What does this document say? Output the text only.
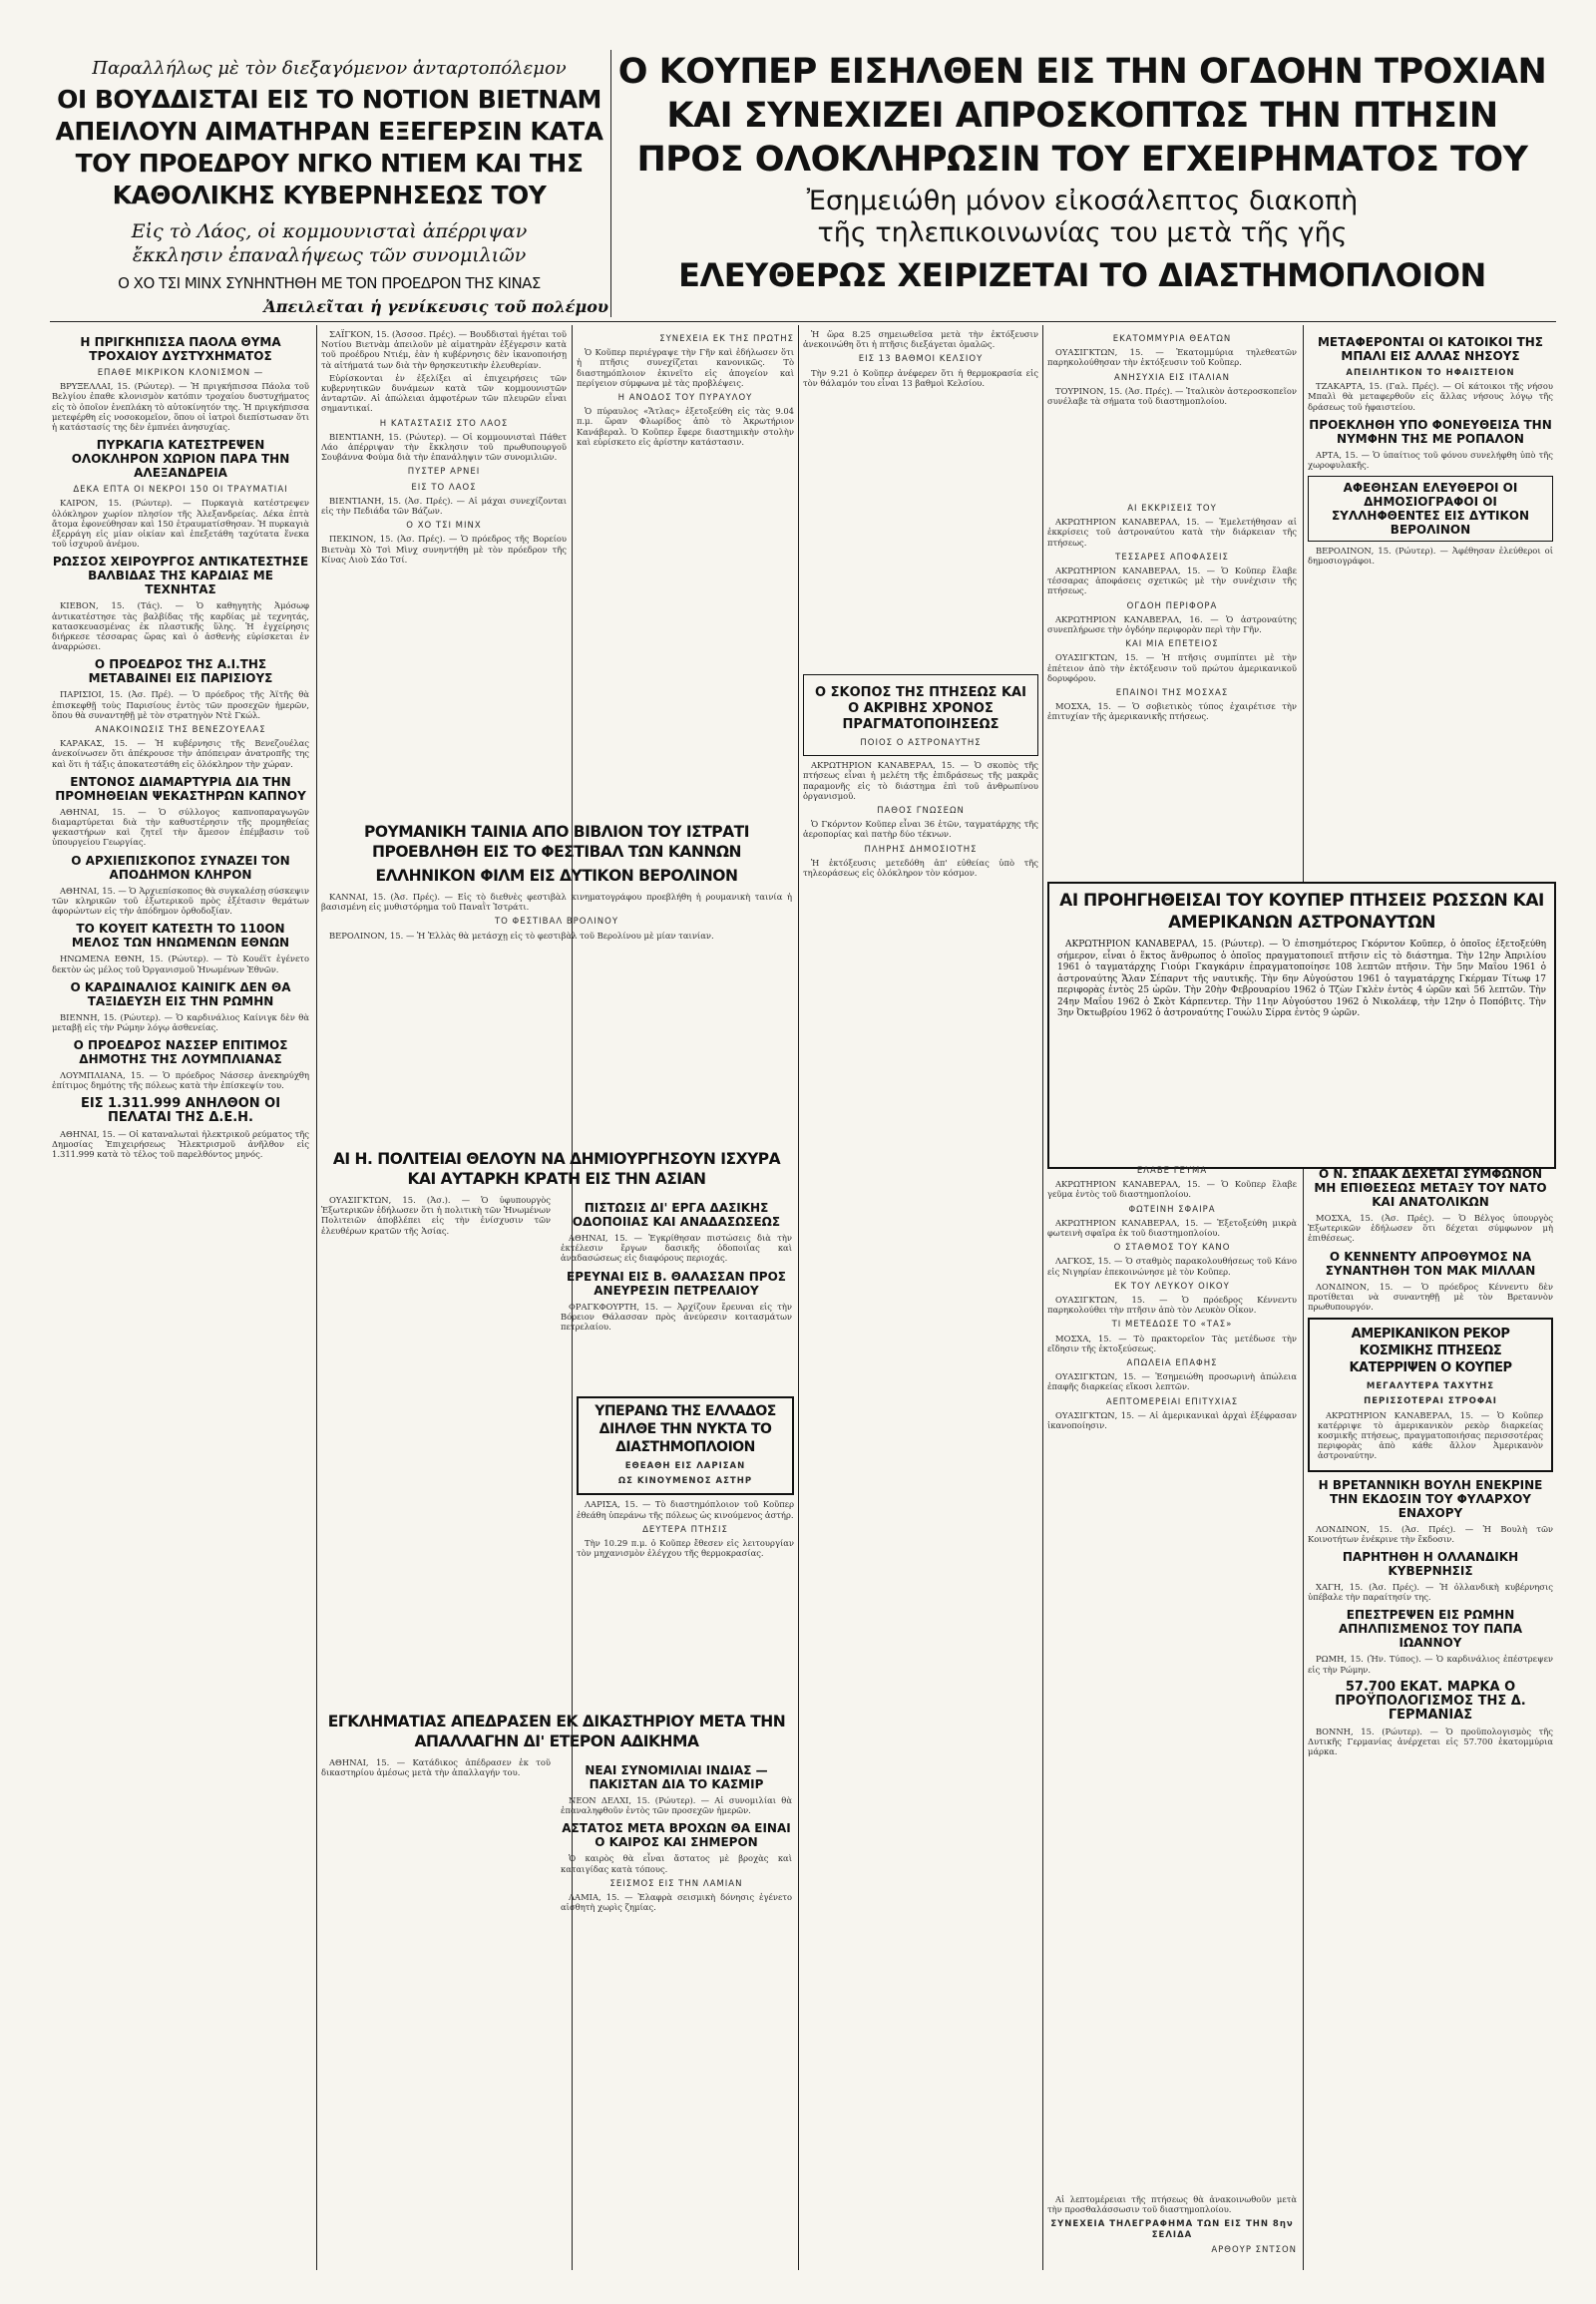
Παραλλήλως μὲ τὸν διεξαγόμενον ἀνταρτοπόλεμον
ΟΙ ΒΟΥΔΔΙΣΤΑΙ ΕΙΣ ΤΟ ΝΟΤΙΟΝ ΒΙΕΤΝΑΜ ΑΠΕΙΛΟΥΝ ΑΙΜΑΤΗΡΑΝ ΕΞΕΓΕΡΣΙΝ ΚΑΤΑ ΤΟΥ ΠΡΟΕΔΡΟΥ ΝΓΚΟ ΝΤΙΕΜ ΚΑΙ ΤΗΣ ΚΑΘΟΛΙΚΗΣ ΚΥΒΕΡΝΗΣΕΩΣ ΤΟΥ
Εἰς τὸ Λάος, οἱ κομμουνισταὶ ἀπέρριψαν ἔκκλησιν ἐπαναλήψεως τῶν συνομιλιῶν
Ο ΧΟ ΤΣΙ ΜΙΝΧ ΣΥΝΗΝΤΗΘΗ ΜΕ ΤΟΝ ΠΡΟΕΔΡΟΝ ΤΗΣ ΚΙΝΑΣ
Ἀπειλεῖται ἡ γενίκευσις τοῦ πολέμου
Ο ΚΟΥΠΕΡ ΕΙΣΗΛΘΕΝ ΕΙΣ ΤΗΝ ΟΓΔΟΗΝ ΤΡΟΧΙΑΝ ΚΑΙ ΣΥΝΕΧΙΖΕΙ ΑΠΡΟΣΚΟΠΤΩΣ ΤΗΝ ΠΤΗΣΙΝ ΠΡΟΣ ΟΛΟΚΛΗΡΩΣΙΝ ΤΟΥ ΕΓΧΕΙΡΗΜΑΤΟΣ ΤΟΥ
Ἐσημειώθη μόνον εἰκοσάλεπτος διακοπὴ
τῆς τηλεπικοινωνίας του μετὰ τῆς γῆς
ΕΛΕΥΘΕΡΩΣ ΧΕΙΡΙΖΕΤΑΙ ΤΟ ΔΙΑΣΤΗΜΟΠΛΟΙΟΝ
Η ΠΡΙΓΚΗΠΙΣΣΑ ΠΑΟΛΑ ΘΥΜΑ ΤΡΟΧΑΙΟΥ ΔΥΣΤΥΧΗΜΑΤΟΣ
ΕΠΑΘΕ ΜΙΚΡΙΚΟΝ ΚΛΟΝΙΣΜΟΝ —

ΒΡΥΞΕΛΛΑΙ, 15. (Ρώυτερ). — Ἡ πριγκήπισσα Πάολα τοῦ Βελγίου ἐπαθε κλονισμὸν κατόπιν τροχαίου δυστυχήματος εἰς τὸ ὁποῖον ἐνεπλάκη τὸ αὐτοκίνητόν της. Ἡ πριγκήπισσα μετεφέρθη εἰς νοσοκομεῖον, ὅπου οἱ ἰατροὶ διεπίστωσαν ὅτι ἡ κατάστασίς της δὲν ἐμπνέει ἀνησυχίας.

ΠΥΡΚΑΓΙΑ ΚΑΤΕΣΤΡΕΨΕΝ ΟΛΟΚΛΗΡΟΝ ΧΩΡΙΟΝ ΠΑΡΑ ΤΗΝ ΑΛΕΞΑΝΔΡΕΙΑ
ΔΕΚΑ ΕΠΤΑ ΟΙ ΝΕΚΡΟΙ 150 ΟΙ ΤΡΑΥΜΑΤΙΑΙ

ΚΑΙΡΟΝ, 15. (Ρώυτερ). — Πυρκαγιὰ κατέστρεψεν ὁλόκληρον χωρίον πλησίον τῆς Ἀλεξανδρείας. Δέκα ἑπτὰ ἄτομα ἐφονεύθησαν καὶ 150 ἐτραυματίσθησαν. Ἡ πυρκαγιὰ ἐξερράγη εἰς μίαν οἰκίαν καὶ ἐπεξετάθη ταχύτατα ἕνεκα τοῦ ἰσχυροῦ ἀνέμου.

ΡΩΣΣΟΣ ΧΕΙΡΟΥΡΓΟΣ ΑΝΤΙΚΑΤΕΣΤΗΣΕ ΒΑΛΒΙΔΑΣ ΤΗΣ ΚΑΡΔΙΑΣ ΜΕ ΤΕΧΝΗΤΑΣ

ΚΙΕΒΟΝ, 15. (Τάς). — Ὁ καθηγητὴς Ἀμόσωφ ἀντικατέστησε τὰς βαλβίδας τῆς καρδίας μὲ τεχνητάς, κατασκευασμένας ἐκ πλαστικῆς ὕλης. Ἡ ἐγχείρησις διήρκεσε τέσσαρας ὥρας καὶ ὁ ἀσθενὴς εὑρίσκεται ἐν ἀναρρώσει.

Ο ΠΡΟΕΔΡΟΣ ΤΗΣ Α.Ι.ΤΗΣ ΜΕΤΑΒΑΙΝΕΙ ΕΙΣ ΠΑΡΙΣΙΟΥΣ

ΠΑΡΙΣΙΟΙ, 15. (Ἀσ. Πρέ). — Ὁ πρόεδρος τῆς Ἀϊτῆς θὰ ἐπισκεφθῇ τοὺς Παρισίους ἐντὸς τῶν προσεχῶν ἡμερῶν, ὅπου θὰ συναντηθῇ μὲ τὸν στρατηγὸν Ντὲ Γκώλ.

ΑΝΑΚΟΙΝΩΣΙΣ ΤΗΣ ΒΕΝΕΖΟΥΕΛΑΣ

ΚΑΡΑΚΑΣ, 15. — Ἡ κυβέρνησις τῆς Βενεζουέλας ἀνεκοίνωσεν ὅτι ἀπέκρουσε τὴν ἀπόπειραν ἀνατροπῆς της καὶ ὅτι ἡ τάξις ἀποκατεστάθη εἰς ὁλόκληρον τὴν χώραν.

ΕΝΤΟΝΟΣ ΔΙΑΜΑΡΤΥΡΙΑ ΔΙΑ ΤΗΝ ΠΡΟΜΗΘΕΙΑΝ ΨΕΚΑΣΤΗΡΩΝ ΚΑΠΝΟΥ

ΑΘΗΝΑΙ, 15. — Ὁ σύλλογος καπνοπαραγωγῶν διαμαρτύρεται διὰ τὴν καθυστέρησιν τῆς προμηθείας ψεκαστήρων καὶ ζητεῖ τὴν ἄμεσον ἐπέμβασιν τοῦ ὑπουργείου Γεωργίας.

Ο ΑΡΧΙΕΠΙΣΚΟΠΟΣ ΣΥΝΑΖΕΙ ΤΟΝ ΑΠΟΔΗΜΟΝ ΚΛΗΡΟΝ

ΑΘΗΝΑΙ, 15. — Ὁ Ἀρχιεπίσκοπος θὰ συγκαλέσῃ σύσκεψιν τῶν κληρικῶν τοῦ ἐξωτερικοῦ πρὸς ἐξέτασιν θεμάτων ἀφορώντων εἰς τὴν ἀπόδημον ὀρθοδοξίαν.

ΤΟ ΚΟΥΕΙΤ ΚΑΤΕΣΤΗ ΤΟ 110ΟΝ ΜΕΛΟΣ ΤΩΝ ΗΝΩΜΕΝΩΝ ΕΘΝΩΝ

ΗΝΩΜΕΝΑ ΕΘΝΗ, 15. (Ρώυτερ). — Τὸ Κουέϊτ ἐγένετο δεκτὸν ὡς μέλος τοῦ Ὀργανισμοῦ Ἡνωμένων Ἐθνῶν.

Ο ΚΑΡΔΙΝΑΛΙΟΣ ΚΑΙΝΙΓΚ ΔΕΝ ΘΑ ΤΑΞΙΔΕΥΣΗ ΕΙΣ ΤΗΝ ΡΩΜΗΝ

ΒΙΕΝΝΗ, 15. (Ρώυτερ). — Ὁ καρδινάλιος Καίνιγκ δὲν θὰ μεταβῇ εἰς τὴν Ρώμην λόγῳ ἀσθενείας.

Ο ΠΡΟΕΔΡΟΣ ΝΑΣΣΕΡ ΕΠΙΤΙΜΟΣ ΔΗΜΟΤΗΣ ΤΗΣ ΛΟΥΜΠΛΙΑΝΑΣ

ΛΟΥΜΠΛΙΑΝΑ, 15. — Ὁ πρόεδρος Νάσσερ ἀνεκηρύχθη ἐπίτιμος δημότης τῆς πόλεως κατὰ τὴν ἐπίσκεψίν του.

ΕΙΣ 1.311.999 ΑΝΗΛΘΟΝ ΟΙ ΠΕΛΑΤΑΙ ΤΗΣ Δ.Ε.Η.

ΑΘΗΝΑΙ, 15. — Οἱ καταναλωταὶ ἠλεκτρικοῦ ρεύματος τῆς Δημοσίας Ἐπιχειρήσεως Ἠλεκτρισμοῦ ἀνῆλθον εἰς 1.311.999 κατὰ τὸ τέλος τοῦ παρελθόντος μηνός.

ΣΑΪΓΚΟΝ, 15. (Ἀσσοσ. Πρές). — Βουδδισταὶ ἡγέται τοῦ Νοτίου Βιετνὰμ ἀπειλοῦν μὲ αἱματηρὰν ἐξέγερσιν κατὰ τοῦ προέδρου Ντιέμ, ἐὰν ἡ κυβέρνησις δὲν ἱκανοποιήσῃ τὰ αἰτήματά των διὰ τὴν θρησκευτικὴν ἐλευθερίαν.

Εὐρίσκονται ἐν ἐξελίξει αἱ ἐπιχειρήσεις τῶν κυβερνητικῶν δυνάμεων κατὰ τῶν κομμουνιστῶν ἀνταρτῶν. Αἱ ἀπώλειαι ἀμφοτέρων τῶν πλευρῶν εἶναι σημαντικαί.

Η ΚΑΤΑΣΤΑΣΙΣ ΣΤΟ ΛΑΟΣ

ΒΙΕΝΤΙΑΝΗ, 15. (Ρώυτερ). — Οἱ κομμουνισταὶ Πάθετ Λάο ἀπέρριψαν τὴν ἔκκλησιν τοῦ πρωθυπουργοῦ Σουβάννα Φούμα διὰ τὴν ἐπανάληψιν τῶν συνομιλιῶν.

ΠΥΣΤΕΡ ΑΡΝΕΙ
ΕΙΣ ΤΟ ΛΑΟΣ

ΒΙΕΝΤΙΑΝΗ, 15. (Ἀσ. Πρές). — Αἱ μάχαι συνεχίζονται εἰς τὴν Πεδιάδα τῶν Βάζων.

Ο ΧΟ ΤΣΙ ΜΙΝΧ

ΠΕΚΙΝΟΝ, 15. (Ἀσ. Πρές). — Ὁ πρόεδρος τῆς Βορείου Βιετνὰμ Χὸ Τσὶ Μὶνχ συνηντήθη μὲ τὸν πρόεδρον τῆς Κίνας Λιοὺ Σάο Τσί.

ΡΟΥΜΑΝΙΚΗ ΤΑΙΝΙΑ ΑΠΟ ΒΙΒΛΙΟΝ ΤΟΥ ΙΣΤΡΑΤΙ ΠΡΟΕΒΛΗΘΗ ΕΙΣ ΤΟ ΦΕΣΤΙΒΑΛ ΤΩΝ ΚΑΝΝΩΝ
ΕΛΛΗΝΙΚΟΝ ΦΙΛΜ ΕΙΣ ΔΥΤΙΚΟΝ ΒΕΡΟΛΙΝΟΝ

ΚΑΝΝΑΙ, 15. (Ἀσ. Πρές). — Εἰς τὸ διεθνὲς φεστιβὰλ κινηματογράφου προεβλήθη ἡ ρουμανικὴ ταινία ἡ βασισμένη εἰς μυθιστόρημα τοῦ Παναῒτ Ἰστράτι.

ΤΟ ΦΕΣΤΙΒΑΛ ΒΡΟΛΙΝΟΥ

ΒΕΡΟΛΙΝΟΝ, 15. — Ἡ Ἑλλὰς θὰ μετάσχῃ εἰς τὸ φεστιβὰλ τοῦ Βερολίνου μὲ μίαν ταινίαν.

ΑΙ Η. ΠΟΛΙΤΕΙΑΙ ΘΕΛΟΥΝ ΝΑ ΔΗΜΙΟΥΡΓΗΣΟΥΝ ΙΣΧΥΡΑ ΚΑΙ ΑΥΤΑΡΚΗ ΚΡΑΤΗ ΕΙΣ ΤΗΝ ΑΣΙΑΝ

ΟΥΑΣΙΓΚΤΩΝ, 15. (Ἀσ.). — Ὁ ὑφυπουργὸς Ἐξωτερικῶν ἐδήλωσεν ὅτι ἡ πολιτικὴ τῶν Ἡνωμένων Πολιτειῶν ἀποβλέπει εἰς τὴν ἐνίσχυσιν τῶν ἐλευθέρων κρατῶν τῆς Ἀσίας.

ΠΙΣΤΩΣΙΣ ΔΙ' ΕΡΓΑ ΔΑΣΙΚΗΣ ΟΔΟΠΟΙΙΑΣ ΚΑΙ ΑΝΑΔΑΣΩΣΕΩΣ

ΑΘΗΝΑΙ, 15. — Ἐγκρίθησαν πιστώσεις διὰ τὴν ἐκτέλεσιν ἔργων δασικῆς ὁδοποιΐας καὶ ἀναδασώσεως εἰς διαφόρους περιοχάς.

ΕΡΕΥΝΑΙ ΕΙΣ Β. ΘΑΛΑΣΣΑΝ ΠΡΟΣ ΑΝΕΥΡΕΣΙΝ ΠΕΤΡΕΛΑΙΟΥ

ΦΡΑΓΚΦΟΥΡΤΗ, 15. — Ἀρχίζουν ἔρευναι εἰς τὴν Βόρειον Θάλασσαν πρὸς ἀνεύρεσιν κοιτασμάτων πετρελαίου.

ΕΓΚΛΗΜΑΤΙΑΣ ΑΠΕΔΡΑΣΕΝ ΕΚ ΔΙΚΑΣΤΗΡΙΟΥ ΜΕΤΑ ΤΗΝ ΑΠΑΛΛΑΓΗΝ ΔΙ' ΕΤΕΡΟΝ ΑΔΙΚΗΜΑ

ΑΘΗΝΑΙ, 15. — Κατάδικος ἀπέδρασεν ἐκ τοῦ δικαστηρίου ἀμέσως μετὰ τὴν ἀπαλλαγήν του.	ΝΕΑΙ ΣΥΝΟΜΙΛΙΑΙ ΙΝΔΙΑΣ — ΠΑΚΙΣΤΑΝ ΔΙΑ ΤΟ ΚΑΣΜΙΡ

ΝΕΟΝ ΔΕΛΧΙ, 15. (Ρώυτερ). — Αἱ συνομιλίαι θὰ ἐπαναληφθοῦν ἐντὸς τῶν προσεχῶν ἡμερῶν.

ΑΣΤΑΤΟΣ ΜΕΤΑ ΒΡΟΧΩΝ ΘΑ ΕΙΝΑΙ Ο ΚΑΙΡΟΣ ΚΑΙ ΣΗΜΕΡΟΝ

Ὁ καιρὸς θὰ εἶναι ἄστατος μὲ βροχὰς καὶ καταιγίδας κατὰ τόπους.

ΣΕΙΣΜΟΣ ΕΙΣ ΤΗΝ ΛΑΜΙΑΝ

ΛΑΜΙΑ, 15. — Ἐλαφρὰ σεισμικὴ δόνησις ἐγένετο αἰσθητὴ χωρὶς ζημίας.

ΣΥΝΕΧΕΙΑ ΕΚ ΤΗΣ ΠΡΩΤΗΣ

Ὁ Κοῦπερ περιέγραψε τὴν Γῆν καὶ ἐδήλωσεν ὅτι ἡ πτῆσις συνεχίζεται κανονικῶς. Τὸ διαστημόπλοιον ἐκινεῖτο εἰς ἀπογείον καὶ περίγειον σύμφωνα μὲ τὰς προβλέψεις.

Η ΑΝΟΔΟΣ ΤΟΥ ΠΥΡΑΥΛΟΥ

Ὁ πύραυλος «Ἄτλας» ἐξετοξεύθη εἰς τὰς 9.04 π.μ. ὥραν Φλωρίδος ἀπὸ τὸ Ἀκρωτήριον Κανάβεραλ. Ὁ Κοῦπερ ἔφερε διαστημικὴν στολὴν καὶ εὑρίσκετο εἰς ἀρίστην κατάστασιν.

Ο ΣΚΟΠΟΣ ΤΗΣ ΠΤΗΣΕΩΣ ΚΑΙ Ο ΑΚΡΙΒΗΣ ΧΡΟΝΟΣ ΠΡΑΓΜΑΤΟΠΟΙΗΣΕΩΣ
ΠΟΙΟΣ Ο ΑΣΤΡΟΝΑΥΤΗΣ

ΑΚΡΩΤΗΡΙΟΝ ΚΑΝΑΒΕΡΑΛ, 15. — Ὁ σκοπὸς τῆς πτήσεως εἶναι ἡ μελέτη τῆς ἐπιδράσεως τῆς μακρᾶς παραμονῆς εἰς τὸ διάστημα ἐπὶ τοῦ ἀνθρωπίνου ὀργανισμοῦ.

ΠΑΘΟΣ ΓΝΩΣΕΩΝ

Ὁ Γκόρντον Κοῦπερ εἶναι 36 ἐτῶν, ταγματάρχης τῆς ἀεροπορίας καὶ πατὴρ δύο τέκνων.

ΠΛΗΡΗΣ ΔΗΜΟΣΙΟΤΗΣ

Ἡ ἐκτόξευσις μετεδόθη ἀπ' εὐθείας ὑπὸ τῆς τηλεοράσεως εἰς ὁλόκληρον τὸν κόσμον.

ΥΠΕΡΑΝΩ ΤΗΣ ΕΛΛΑΔΟΣ ΔΙΗΛΘΕ ΤΗΝ ΝΥΚΤΑ ΤΟ ΔΙΑΣΤΗΜΟΠΛΟΙΟΝ
ΕΘΕΑΘΗ ΕΙΣ ΛΑΡΙΣΑΝ
ΩΣ ΚΙΝΟΥΜΕΝΟΣ ΑΣΤΗΡ

ΛΑΡΙΣΑ, 15. — Τὸ διαστημόπλοιον τοῦ Κοῦπερ ἐθεάθη ὑπεράνω τῆς πόλεως ὡς κινούμενος ἀστήρ.

ΔΕΥΤΕΡΑ ΠΤΗΣΙΣ

Τὴν 10.29 π.μ. ὁ Κοῦπερ ἔθεσεν εἰς λειτουργίαν τὸν μηχανισμὸν ἐλέγχου τῆς θερμοκρασίας.

Ἡ ὥρα 8.25 σημειωθεῖσα μετὰ τὴν ἐκτόξευσιν ἀνεκοινώθη ὅτι ἡ πτῆσις διεξάγεται ὁμαλῶς.

ΕΙΣ 13 ΒΑΘΜΟΙ ΚΕΛΣΙΟΥ

Τὴν 9.21 ὁ Κοῦπερ ἀνέφερεν ὅτι ἡ θερμοκρασία εἰς τὸν θάλαμόν του εἶναι 13 βαθμοὶ Κελσίου.

ΑΙ ΕΚΚΡΙΣΕΙΣ ΤΟΥ

ΑΚΡΩΤΗΡΙΟΝ ΚΑΝΑΒΕΡΑΛ, 15. — Ἐμελετήθησαν αἱ ἐκκρίσεις τοῦ ἀστροναύτου κατὰ τὴν διάρκειαν τῆς πτήσεως.

ΤΕΣΣΑΡΕΣ ΑΠΟΦΑΣΕΙΣ

ΑΚΡΩΤΗΡΙΟΝ ΚΑΝΑΒΕΡΑΛ, 15. — Ὁ Κοῦπερ ἔλαβε τέσσαρας ἀποφάσεις σχετικῶς μὲ τὴν συνέχισιν τῆς πτήσεως.

ΟΓΔΟΗ ΠΕΡΙΦΟΡΑ

ΑΚΡΩΤΗΡΙΟΝ ΚΑΝΑΒΕΡΑΛ, 16. — Ὁ ἀστροναύτης συνεπλήρωσε τὴν ὀγδόην περιφορὰν περὶ τὴν Γῆν.

ΚΑΙ ΜΙΑ ΕΠΕΤΕΙΟΣ

ΟΥΑΣΙΓΚΤΩΝ, 15. — Ἡ πτῆσις συμπίπτει μὲ τὴν ἐπέτειον ἀπὸ τὴν ἐκτόξευσιν τοῦ πρώτου ἀμερικανικοῦ δορυφόρου.

ΕΠΑΙΝΟΙ ΤΗΣ ΜΟΣΧΑΣ

ΜΟΣΧΑ, 15. — Ὁ σοβιετικὸς τύπος ἐχαιρέτισε τὴν ἐπιτυχίαν τῆς ἀμερικανικῆς πτήσεως.

ΕΚΑΤΟΜΜΥΡΙΑ ΘΕΑΤΩΝ

ΟΥΑΣΙΓΚΤΩΝ, 15. — Ἑκατομμύρια τηλεθεατῶν παρηκολούθησαν τὴν ἐκτόξευσιν τοῦ Κοῦπερ.

ΑΝΗΣΥΧΙΑ ΕΙΣ ΙΤΑΛΙΑΝ

ΤΟΥΡΙΝΟΝ, 15. (Ἀσ. Πρές). — Ἰταλικὸν ἀστεροσκοπεῖον συνέλαβε τὰ σήματα τοῦ διαστημοπλοίου.

ΑΙ ΠΡΟΗΓΗΘΕΙΣΑΙ ΤΟΥ ΚΟΥΠΕΡ ΠΤΗΣΕΙΣ ΡΩΣΣΩΝ ΚΑΙ ΑΜΕΡΙΚΑΝΩΝ ΑΣΤΡΟΝΑΥΤΩΝ

ΑΚΡΩΤΗΡΙΟΝ ΚΑΝΑΒΕΡΑΛ, 15. (Ρώυτερ). — Ὁ ἐπισημότερος Γκόρντον Κοῦπερ, ὁ ὁποῖος ἐξετοξεύθη σήμερον, εἶναι ὁ ἕκτος ἄνθρωπος ὁ ὁποῖος πραγματοποιεῖ πτῆσιν εἰς τὸ διάστημα. Τὴν 12ην Ἀπριλίου 1961 ὁ ταγματάρχης Γιούρι Γκαγκάριν ἐπραγματοποίησε 108 λεπτῶν πτῆσιν. Τὴν 5ην Μαΐου 1961 ὁ ἀστροναύτης Ἄλαν Σέπαρντ τῆς ναυτικῆς. Τὴν 6ην Αὐγούστου 1961 ὁ ταγματάρχης Γκέρμαν Τίτωφ 17 περιφορὰς ἐντὸς 25 ὡρῶν. Τὴν 20ὴν Φεβρουαρίου 1962 ὁ Τζὼν Γκλὲν ἐντὸς 4 ὡρῶν καὶ 56 λεπτῶν. Τὴν 24ην Μαΐου 1962 ὁ Σκὸτ Κάρπεντερ. Τὴν 11ην Αὐγούστου 1962 ὁ Νικολάεφ, τὴν 12ην ὁ Ποπόβιτς. Τὴν 3ην Ὀκτωβρίου 1962 ὁ ἀστροναύτης Γουώλυ Σίρρα ἐντὸς 9 ὡρῶν.

ΕΛΑΒΕ ΓΕΥΜΑ

ΑΚΡΩΤΗΡΙΟΝ ΚΑΝΑΒΕΡΑΛ, 15. — Ὁ Κοῦπερ ἔλαβε γεῦμα ἐντὸς τοῦ διαστημοπλοίου.

ΦΩΤΕΙΝΗ ΣΦΑΙΡΑ

ΑΚΡΩΤΗΡΙΟΝ ΚΑΝΑΒΕΡΑΛ, 15. — Ἐξετοξεύθη μικρὰ φωτεινὴ σφαῖρα ἐκ τοῦ διαστημοπλοίου.

Ο ΣΤΑΘΜΟΣ ΤΟΥ ΚΑΝΟ

ΛΑΓΚΟΣ, 15. — Ὁ σταθμὸς παρακολουθήσεως τοῦ Κάνο εἰς Νιγηρίαν ἐπεκοινώνησε μὲ τὸν Κοῦπερ.

ΕΚ ΤΟΥ ΛΕΥΚΟΥ ΟΙΚΟΥ

ΟΥΑΣΙΓΚΤΩΝ, 15. — Ὁ πρόεδρος Κέννεντυ παρηκολούθει τὴν πτῆσιν ἀπὸ τὸν Λευκὸν Οἶκον.

ΤΙ ΜΕΤΕΔΩΣΕ ΤΟ «ΤΑΣ»

ΜΟΣΧΑ, 15. — Τὸ πρακτορεῖον Τὰς μετέδωσε τὴν εἴδησιν τῆς ἐκτοξεύσεως.

ΑΠΩΛΕΙΑ ΕΠΑΦΗΣ

ΟΥΑΣΙΓΚΤΩΝ, 15. — Ἐσημειώθη προσωρινὴ ἀπώλεια ἐπαφῆς διαρκείας εἴκοσι λεπτῶν.

ΑΕΠΤΟΜΕΡΕΙΑΙ ΕΠΙΤΥΧΙΑΣ

ΟΥΑΣΙΓΚΤΩΝ, 15. — Αἱ ἀμερικανικαὶ ἀρχαὶ ἐξέφρασαν ἱκανοποίησιν.

ΜΕΤΑΦΕΡΟΝΤΑΙ ΟΙ ΚΑΤΟΙΚΟΙ ΤΗΣ ΜΠΑΛΙ ΕΙΣ ΑΛΛΑΣ ΝΗΣΟΥΣ
ΑΠΕΙΛΗΤΙΚΟΝ ΤΟ ΗΦΑΙΣΤΕΙΟΝ

ΤΖΑΚΑΡΤΑ, 15. (Γαλ. Πρές). — Οἱ κάτοικοι τῆς νήσου Μπαλὶ θὰ μεταφερθοῦν εἰς ἄλλας νήσους λόγῳ τῆς δράσεως τοῦ ἡφαιστείου.

ΠΡΟΕΚΛΗΘΗ ΥΠΟ ΦΟΝΕΥΘΕΙΣΑ ΤΗΝ ΝΥΜΦΗΝ ΤΗΣ ΜΕ ΡΟΠΑΛΟΝ

ΑΡΤΑ, 15. — Ὁ ὑπαίτιος τοῦ φόνου συνελήφθη ὑπὸ τῆς χωροφυλακῆς.

ΑΦΕΘΗΣΑΝ ΕΛΕΥΘΕΡΟΙ ΟΙ ΔΗΜΟΣΙΟΓΡΑΦΟΙ ΟΙ ΣΥΛΛΗΦΘΕΝΤΕΣ ΕΙΣ ΔΥΤΙΚΟΝ ΒΕΡΟΛΙΝΟΝ

ΒΕΡΟΛΙΝΟΝ, 15. (Ρώυτερ). — Ἀφέθησαν ἐλεύθεροι οἱ δημοσιογράφοι.

Ο Ν. ΣΠΑΑΚ ΔΕΧΕΤΑΙ ΣΥΜΦΩΝΟΝ ΜΗ ΕΠΙΘΕΣΕΩΣ ΜΕΤΑΞΥ ΤΟΥ ΝΑΤΟ ΚΑΙ ΑΝΑΤΟΛΙΚΩΝ

ΜΟΣΧΑ, 15. (Ἀσ. Πρές). — Ὁ Βέλγος ὑπουργὸς Ἐξωτερικῶν ἐδήλωσεν ὅτι δέχεται σύμφωνον μὴ ἐπιθέσεως.

Ο ΚΕΝΝΕΝΤΥ ΑΠΡΟΘΥΜΟΣ ΝΑ ΣΥΝΑΝΤΗΘΗ ΤΟΝ ΜΑΚ ΜΙΛΛΑΝ

ΛΟΝΔΙΝΟΝ, 15. — Ὁ πρόεδρος Κέννεντυ δὲν προτίθεται νὰ συναντηθῇ μὲ τὸν Βρεταννὸν πρωθυπουργόν.

ΑΜΕΡΙΚΑΝΙΚΟΝ ΡΕΚΟΡ ΚΟΣΜΙΚΗΣ ΠΤΗΣΕΩΣ ΚΑΤΕΡΡΙΨΕΝ Ο ΚΟΥΠΕΡ
ΜΕΓΑΛΥΤΕΡΑ ΤΑΧΥΤΗΣ
ΠΕΡΙΣΣΟΤΕΡΑΙ ΣΤΡΟΦΑΙ

ΑΚΡΩΤΗΡΙΟΝ ΚΑΝΑΒΕΡΑΛ, 15. — Ὁ Κοῦπερ κατέρριψε τὸ ἀμερικανικὸν ρεκὸρ διαρκείας κοσμικῆς πτήσεως, πραγματοποιήσας περισσοτέρας περιφορὰς ἀπὸ κάθε ἄλλον Ἀμερικανὸν ἀστροναύτην.

Η ΒΡΕΤΑΝΝΙΚΗ ΒΟΥΛΗ ΕΝΕΚΡΙΝΕ ΤΗΝ ΕΚΔΟΣΙΝ ΤΟΥ ΦΥΛΑΡΧΟΥ ΕΝΑΧΟΡΥ

ΛΟΝΔΙΝΟΝ, 15. (Ἀσ. Πρές). — Ἡ Βουλὴ τῶν Κοινοτήτων ἐνέκρινε τὴν ἔκδοσιν.

ΠΑΡΗΤΗΘΗ Η ΟΛΛΑΝΔΙΚΗ ΚΥΒΕΡΝΗΣΙΣ

ΧΑΓΗ, 15. (Ἀσ. Πρές). — Ἡ ὁλλανδικὴ κυβέρνησις ὑπέβαλε τὴν παραίτησίν της.

ΕΠΕΣΤΡΕΨΕΝ ΕΙΣ ΡΩΜΗΝ ΑΠΗΛΠΙΣΜΕΝΟΣ ΤΟΥ ΠΑΠΑ ΙΩΑΝΝΟΥ

ΡΩΜΗ, 15. (Ἡν. Τύπος). — Ὁ καρδινάλιος ἐπέστρεψεν εἰς τὴν Ρώμην.

57.700 ΕΚΑΤ. ΜΑΡΚΑ Ο ΠΡΟΫΠΟΛΟΓΙΣΜΟΣ ΤΗΣ Δ. ΓΕΡΜΑΝΙΑΣ

ΒΟΝΝΗ, 15. (Ρώυτερ). — Ὁ προϋπολογισμὸς τῆς Δυτικῆς Γερμανίας ἀνέρχεται εἰς 57.700 ἑκατομμύρια μάρκα.

Αἱ λεπτομέρειαι τῆς πτήσεως θὰ ἀνακοινωθοῦν μετὰ τὴν προσθαλάσσωσιν τοῦ διαστημοπλοίου.

ΣΥΝΕΧΕΙΑ ΤΗΛΕΓΡΑΦΗΜΑ ΤΩΝ ΕΙΣ ΤΗΝ 8ην ΣΕΛΙΔΑ
ΑΡΘΟΥΡ ΣΝΤΣΟΝ
